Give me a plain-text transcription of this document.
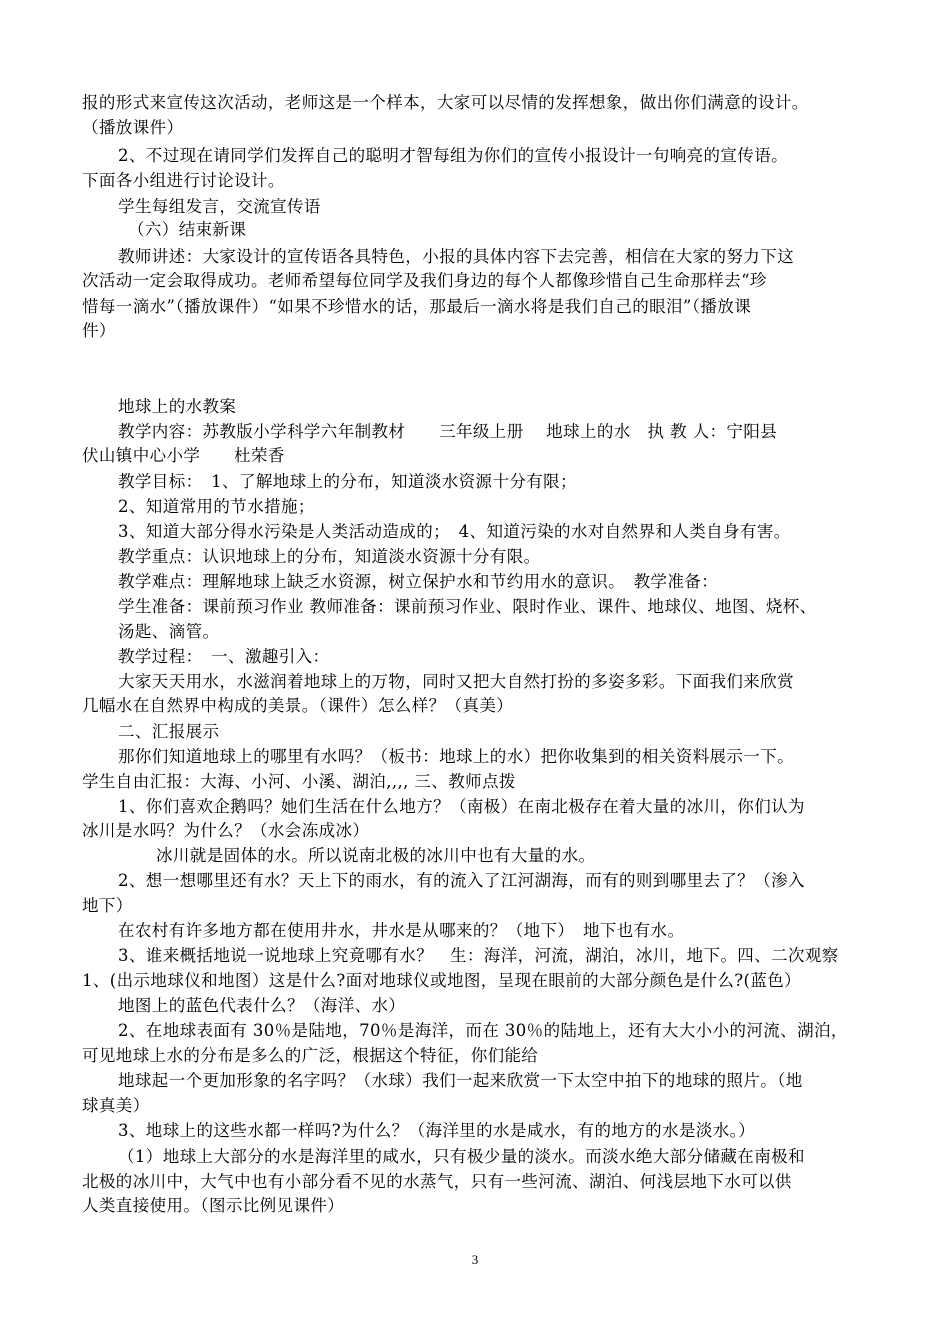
报的形式来宣传这次活动，老师这是一个样本，大家可以尽情的发挥想象，做出你们满意的设计。
（播放课件）
2、不过现在请同学们发挥自己的聪明才智每组为你们的宣传小报设计一句响亮的宣传语。
下面各小组进行讨论设计。
学生每组发言，交流宣传语
（六）结束新课
教师讲述：大家设计的宣传语各具特色，小报的具体内容下去完善，相信在大家的努力下这
次活动一定会取得成功。老师希望每位同学及我们身边的每个人都像珍惜自己生命那样去“珍
惜每一滴水”（播放课件）“如果不珍惜水的话，那最后一滴水将是我们自己的眼泪”（播放课
件）
地球上的水教案
教学内容：苏教版小学科学六年制教材　　三年级上册　 地球上的水　执 教 人：宁阳县
伏山镇中心小学　　杜荣香
教学目标：　1、了解地球上的分布，知道淡水资源十分有限；
2、知道常用的节水措施；
3、知道大部分得水污染是人类活动造成的；　4、知道污染的水对自然界和人类自身有害。
教学重点：认识地球上的分布，知道淡水资源十分有限。
教学难点：理解地球上缺乏水资源，树立保护水和节约用水的意识。　教学准备：
学生准备：课前预习作业 教师准备：课前预习作业、限时作业、课件、地球仪、地图、烧杯、
汤匙、滴管。
教学过程：　一、激趣引入：
大家天天用水，水滋润着地球上的万物，同时又把大自然打扮的多姿多彩。下面我们来欣赏
几幅水在自然界中构成的美景。（课件）怎么样？（真美）
二、汇报展示
那你们知道地球上的哪里有水吗？（板书：地球上的水）把你收集到的相关资料展示一下。
学生自由汇报：大海、小河、小溪、湖泊,,,, 三、教师点拨
1、你们喜欢企鹅吗？她们生活在什么地方？（南极）在南北极存在着大量的冰川，你们认为
冰川是水吗？为什么？（水会冻成冰）
冰川就是固体的水。所以说南北极的冰川中也有大量的水。
2、想一想哪里还有水？天上下的雨水，有的流入了江河湖海，而有的则到哪里去了？（渗入
地下）
在农村有许多地方都在使用井水，井水是从哪来的？（地下）　地下也有水。
3、谁来概括地说一说地球上究竟哪有水？　生：海洋，河流，湖泊，冰川，地下。四、二次观察
1、(出示地球仪和地图）这是什么?面对地球仪或地图，呈现在眼前的大部分颜色是什么?(蓝色）
地图上的蓝色代表什么？（海洋、水）
2、在地球表面有 30％是陆地，70％是海洋，而在 30％的陆地上，还有大大小小的河流、湖泊，
可见地球上水的分布是多么的广泛，根据这个特征，你们能给
地球起一个更加形象的名字吗？（水球）我们一起来欣赏一下太空中拍下的地球的照片。（地
球真美）
3、地球上的这些水都一样吗?为什么？（海洋里的水是咸水，有的地方的水是淡水。）
（1）地球上大部分的水是海洋里的咸水，只有极少量的淡水。而淡水绝大部分储藏在南极和
北极的冰川中，大气中也有小部分看不见的水蒸气，只有一些河流、湖泊、何浅层地下水可以供
人类直接使用。（图示比例见课件）
3
